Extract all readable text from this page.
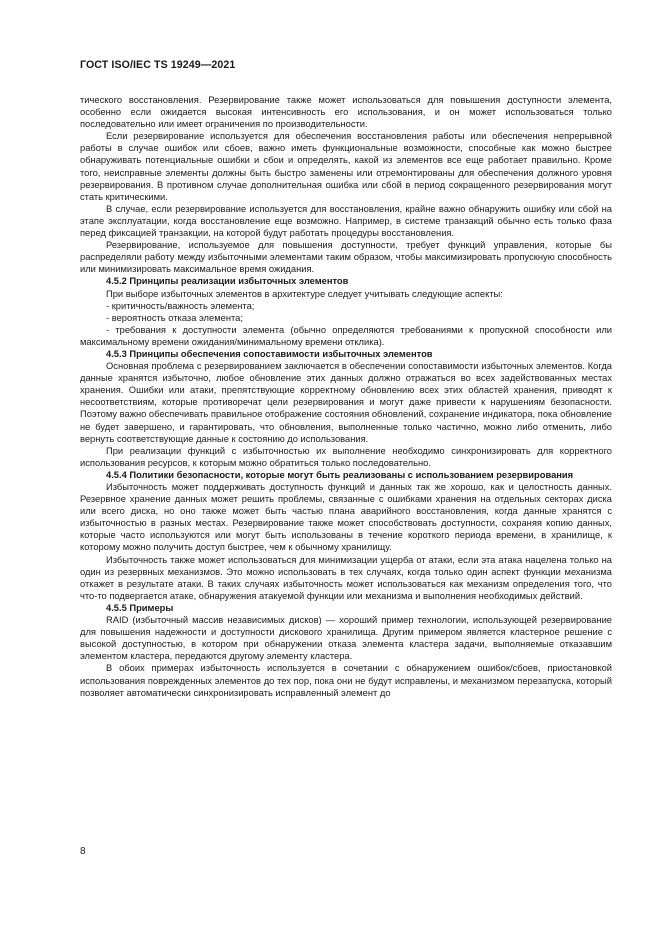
ГОСТ ISO/IEC TS 19249—2021

тического восстановления. Резервирование также может использоваться для повышения доступности элемента, особенно если ожидается высокая интенсивность его использования, и он может использоваться только последовательно или имеет ограничения по производительности.

Если резервирование используется для обеспечения восстановления работы или обеспечения непрерывной работы в случае ошибок или сбоев, важно иметь функциональные возможности, способные как можно быстрее обнаруживать потенциальные ошибки и сбои и определять, какой из элементов все еще работает правильно. Кроме того, неисправные элементы должны быть быстро заменены или отремонтированы для обеспечения должного уровня резервирования. В противном случае дополнительная ошибка или сбой в период сокращенного резервирования могут стать критическими.

В случае, если резервирование используется для восстановления, крайне важно обнаружить ошибку или сбой на этапе эксплуатации, когда восстановление еще возможно. Например, в системе транзакций обычно есть только фаза перед фиксацией транзакции, на которой будут работать процедуры восстановления.

Резервирование, используемое для повышения доступности, требует функций управления, которые бы распределяли работу между избыточными элементами таким образом, чтобы максимизировать пропускную способность или минимизировать максимальное время ожидания.

4.5.2 Принципы реализации избыточных элементов

При выборе избыточных элементов в архитектуре следует учитывать следующие аспекты:

- критичность/важность элемента;

- вероятность отказа элемента;

- требования к доступности элемента (обычно определяются требованиями к пропускной способности или максимальному времени ожидания/минимальному времени отклика).

4.5.3 Принципы обеспечения сопоставимости избыточных элементов

Основная проблема с резервированием заключается в обеспечении сопоставимости избыточных элементов. Когда данные хранятся избыточно, любое обновление этих данных должно отражаться во всех задействованных местах хранения. Ошибки или атаки, препятствующие корректному обновлению всех этих областей хранения, приводят к несоответствиям, которые противоречат цели резервирования и могут даже привести к нарушениям безопасности. Поэтому важно обеспечивать правильное отображение состояния обновлений, сохранение индикатора, пока обновление не будет завершено, и гарантировать, что обновления, выполненные только частично, можно либо отменить, либо вернуть соответствующие данные к состоянию до использования.

При реализации функций с избыточностью их выполнение необходимо синхронизировать для корректного использования ресурсов, к которым можно обратиться только последовательно.

4.5.4 Политики безопасности, которые могут быть реализованы с использованием резервирования

Избыточность может поддерживать доступность функций и данных так же хорошо, как и целостность данных. Резервное хранение данных может решить проблемы, связанные с ошибками хранения на отдельных секторах диска или всего диска, но оно также может быть частью плана аварийного восстановления, когда данные хранятся с избыточностью в разных местах. Резервирование также может способствовать доступности, сохраняя копию данных, которые часто используются или могут быть использованы в течение короткого периода времени, в хранилище, к которому можно получить доступ быстрее, чем к обычному хранилищу.

Избыточность также может использоваться для минимизации ущерба от атаки, если эта атака нацелена только на один из резервных механизмов. Это можно использовать в тех случаях, когда только один аспект функции механизма откажет в результате атаки. В таких случаях избыточность может использоваться как механизм определения того, что что-то подвергается атаке, обнаружения атакуемой функции или механизма и выполнения необходимых действий.

4.5.5 Примеры

RAID (избыточный массив независимых дисков) — хороший пример технологии, использующей резервирование для повышения надежности и доступности дискового хранилища. Другим примером является кластерное решение с высокой доступностью, в котором при обнаружении отказа элемента кластера задачи, выполняемые отказавшим элементом кластера, передаются другому элементу кластера.

В обоих примерах избыточность используется в сочетании с обнаружением ошибок/сбоев, приостановкой использования поврежденных элементов до тех пор, пока они не будут исправлены, и механизмом перезапуска, который позволяет автоматически синхронизировать исправленный элемент до

8
